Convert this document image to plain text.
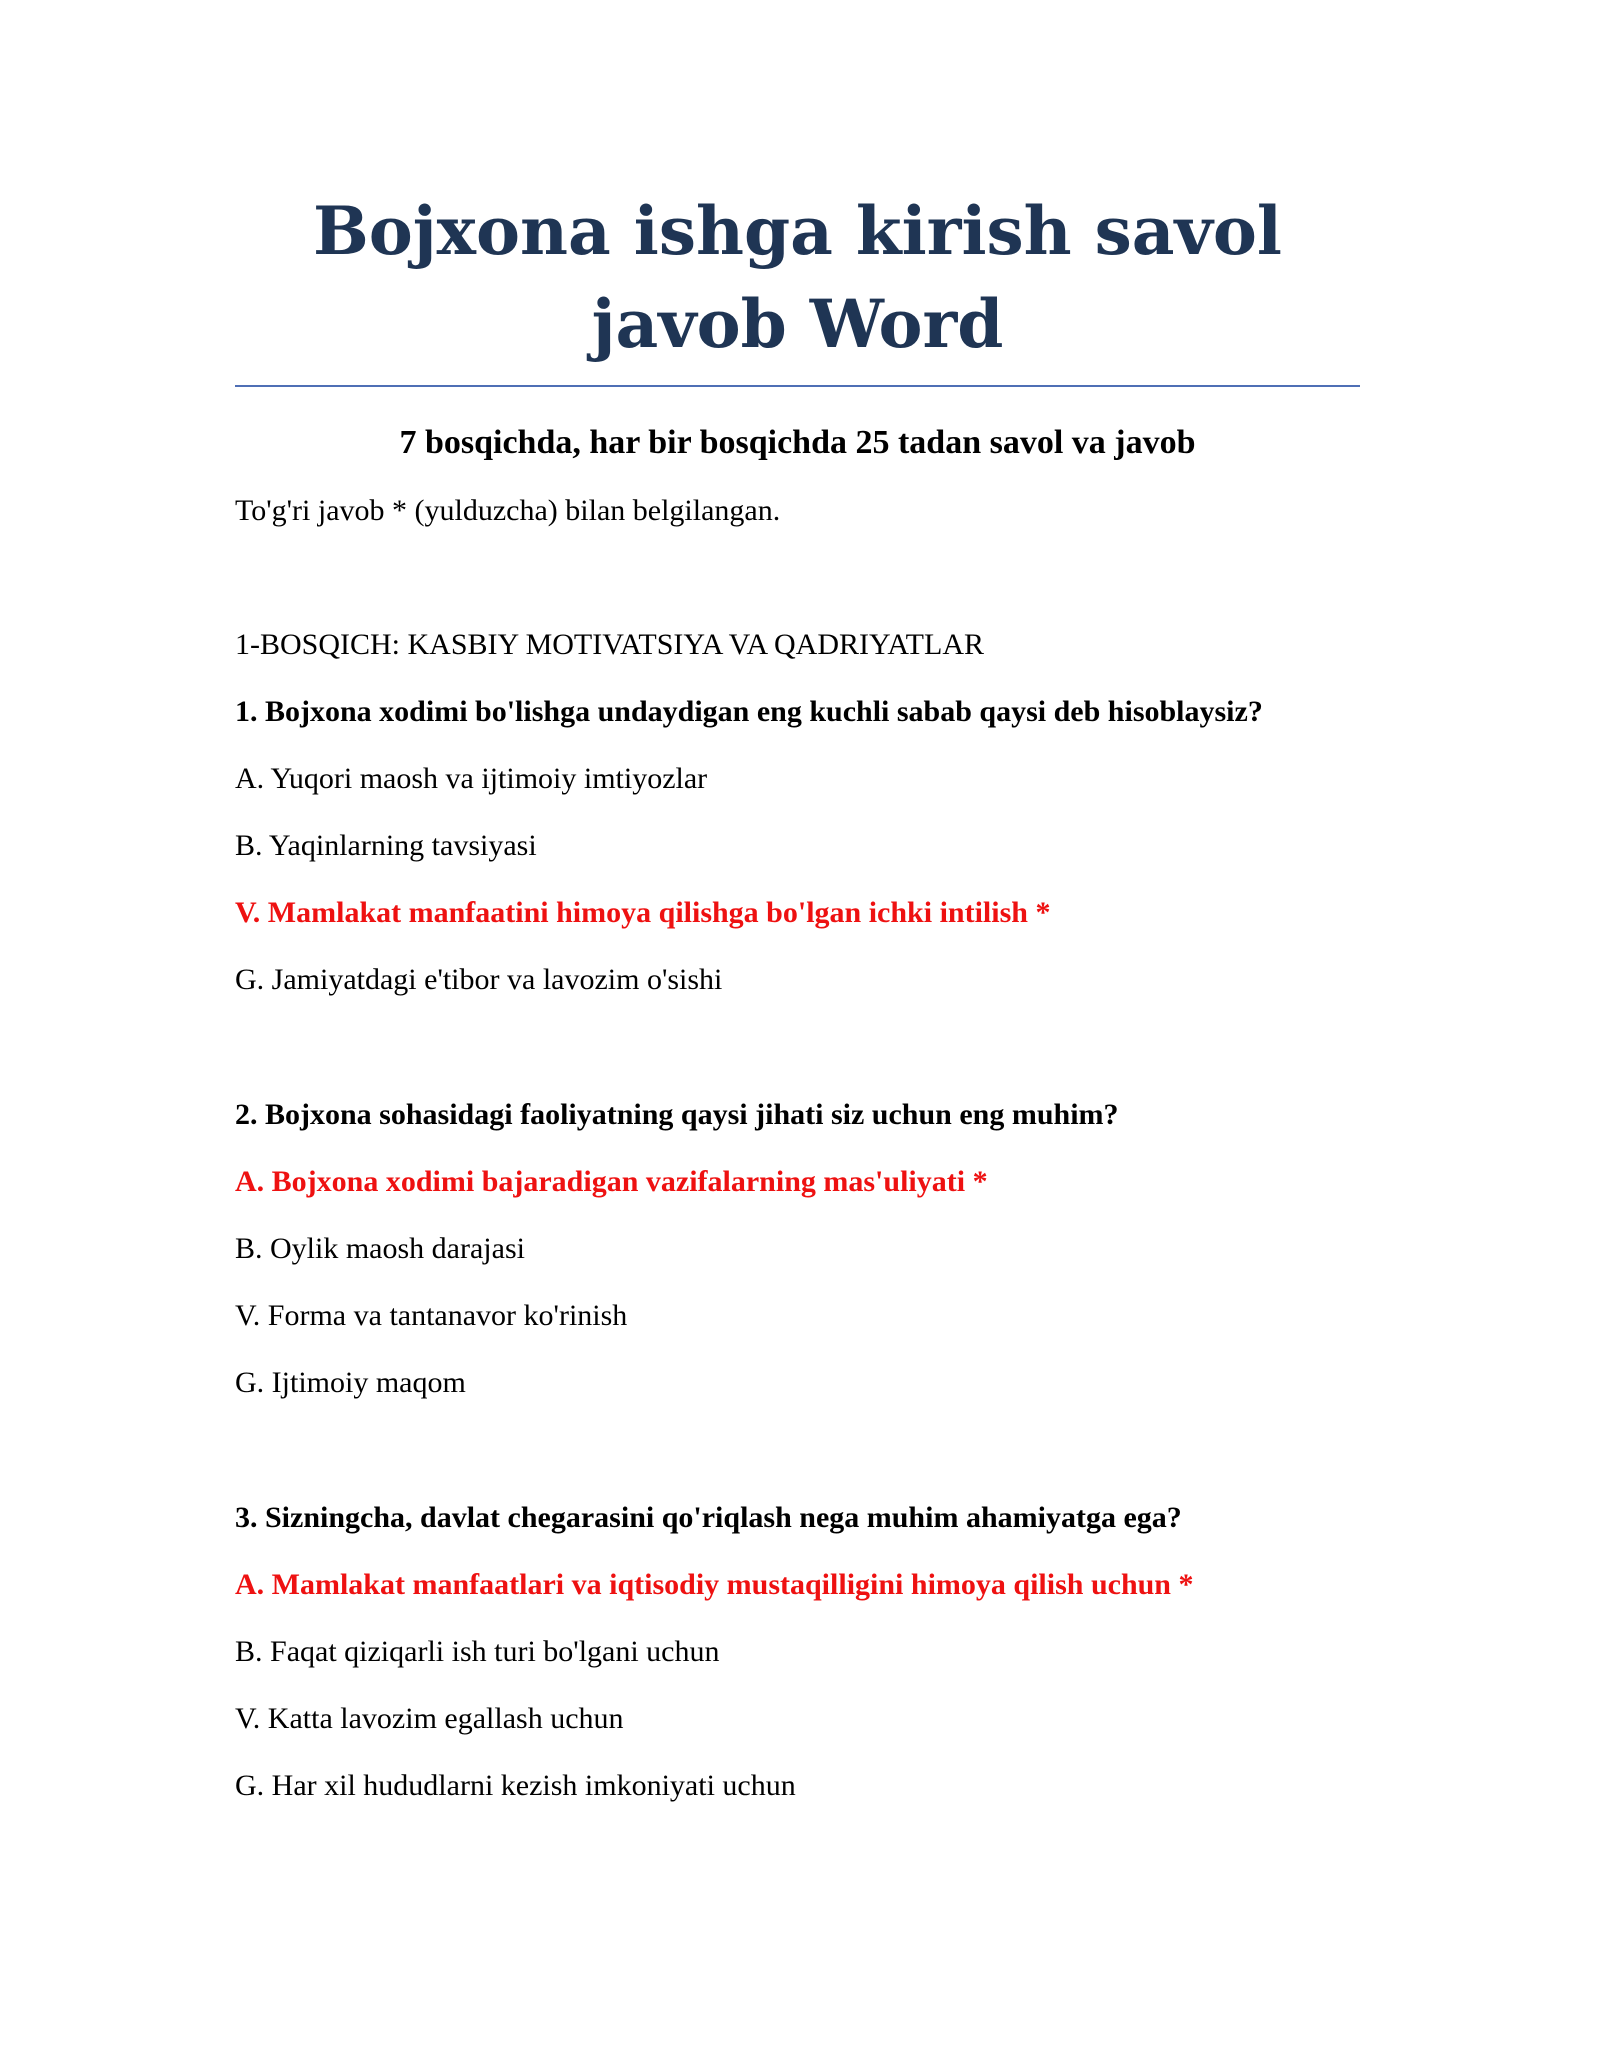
Bojxona ishga kirish savol javob Word
7 bosqichda, har bir bosqichda 25 tadan savol va javob
To'g'ri javob * (yulduzcha) bilan belgilangan.
1-BOSQICH: KASBIY MOTIVATSIYA VA QADRIYATLAR
1. Bojxona xodimi bo'lishga undaydigan eng kuchli sabab qaysi deb hisoblaysiz?
A. Yuqori maosh va ijtimoiy imtiyozlar
B. Yaqinlarning tavsiyasi
V. Mamlakat manfaatini himoya qilishga bo'lgan ichki intilish *
G. Jamiyatdagi e'tibor va lavozim o'sishi
2. Bojxona sohasidagi faoliyatning qaysi jihati siz uchun eng muhim?
A. Bojxona xodimi bajaradigan vazifalarning mas'uliyati *
B. Oylik maosh darajasi
V. Forma va tantanavor ko'rinish
G. Ijtimoiy maqom
3. Sizningcha, davlat chegarasini qo'riqlash nega muhim ahamiyatga ega?
A. Mamlakat manfaatlari va iqtisodiy mustaqilligini himoya qilish uchun *
B. Faqat qiziqarli ish turi bo'lgani uchun
V. Katta lavozim egallash uchun
G. Har xil hududlarni kezish imkoniyati uchun
